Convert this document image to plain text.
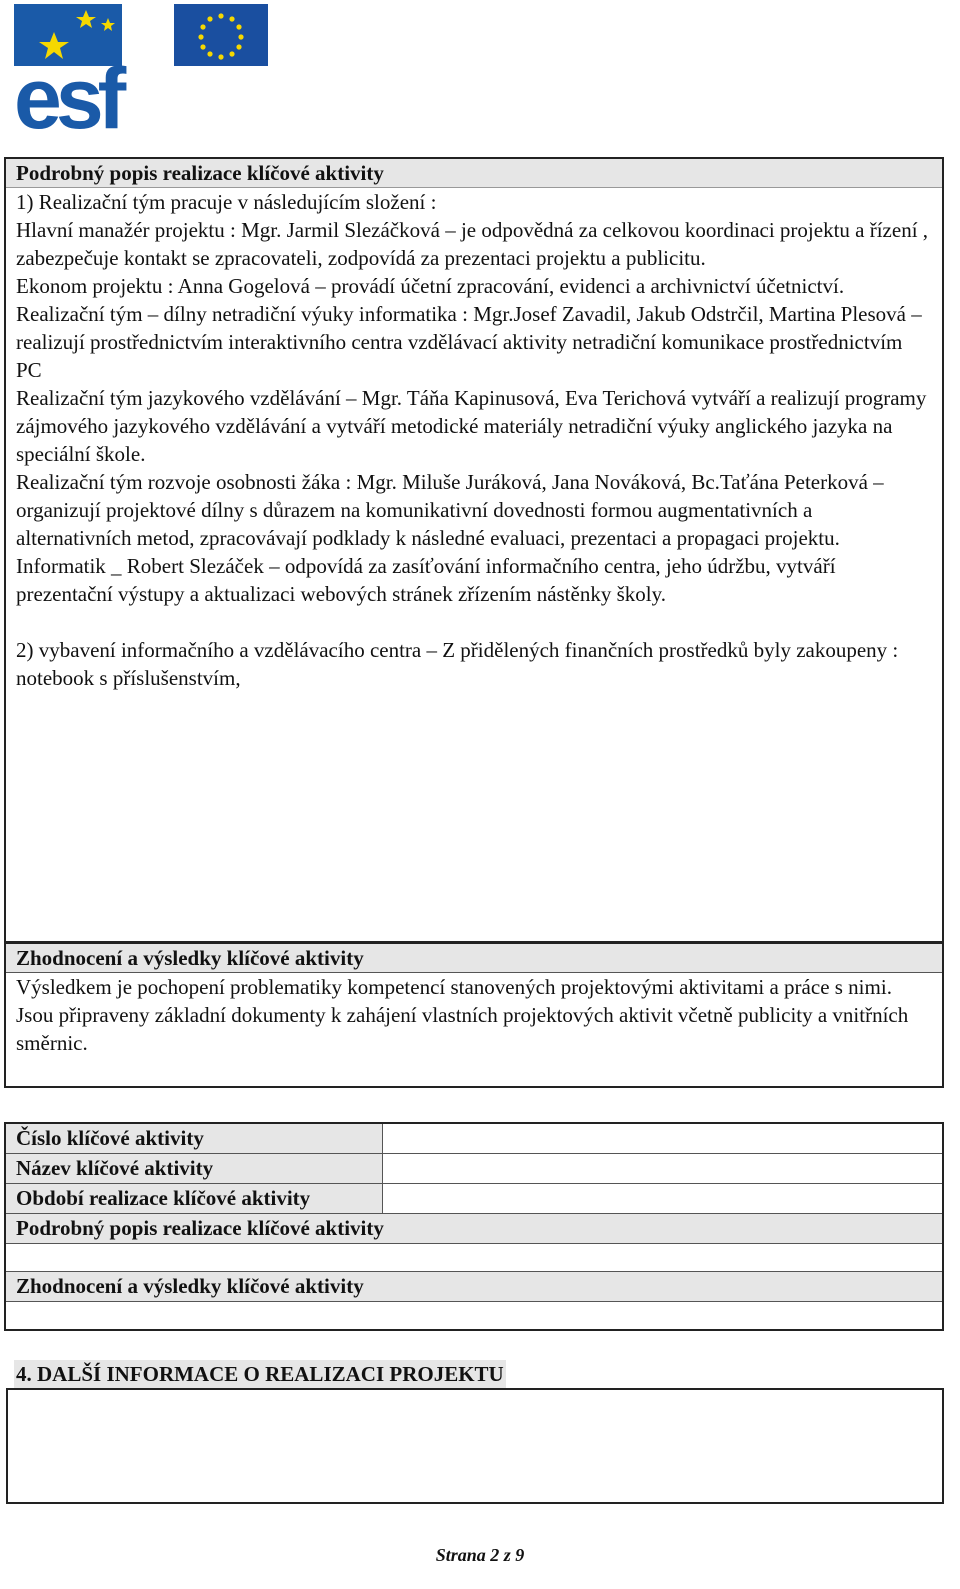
esf
Podrobný popis realizace klíčové aktivity

1) Realizační tým pracuje v následujícím složení :

Hlavní manažér projektu : Mgr. Jarmil Slezáčková – je odpovědná za celkovou koordinaci projektu a řízení , zabezpečuje kontakt se zpracovateli, zodpovídá za prezentaci projektu a publicitu.

Ekonom projektu : Anna Gogelová – provádí účetní zpracování, evidenci a archivnictví účetnictví.

Realizační tým – dílny netradiční výuky informatika : Mgr.Josef Zavadil, Jakub Odstrčil, Martina Plesová – realizují prostřednictvím interaktivního centra vzdělávací aktivity netradiční komunikace prostřednictvím PC

Realizační tým jazykového vzdělávání – Mgr. Táňa Kapinusová, Eva Terichová vytváří a realizují programy zájmového jazykového vzdělávání a vytváří metodické materiály netradiční výuky anglického jazyka na speciální škole.

Realizační tým rozvoje osobnosti žáka : Mgr. Miluše Juráková, Jana Nováková, Bc.Taťána Peterková – organizují projektové dílny s důrazem na komunikativní dovednosti formou augmentativních a alternativních metod, zpracovávají podklady k následné evaluaci, prezentaci a propagaci projektu.

Informatik _ Robert Slezáček – odpovídá za zasíťování informačního centra, jeho údržbu, vytváří prezentační výstupy a aktualizaci webových stránek zřízením nástěnky školy.

2) vybavení informačního a vzdělávacího centra – Z přidělených finančních prostředků byly zakoupeny : notebook s příslušenstvím,

Zhodnocení a výsledky klíčové aktivity
Výsledkem je pochopení problematiky kompetencí stanovených projektovými aktivitami a práce s nimi. Jsou připraveny základní dokumenty k zahájení vlastních projektových aktivit včetně publicity a vnitřních směrnic.
Číslo klíčové aktivity	
Název klíčové aktivity	
Období realizace klíčové aktivity	
Podrobný popis realizace klíčové aktivity	

Zhodnocení a výsledky klíčové aktivity	

4. DALŠÍ INFORMACE O REALIZACI PROJEKTU
Strana 2 z 9
